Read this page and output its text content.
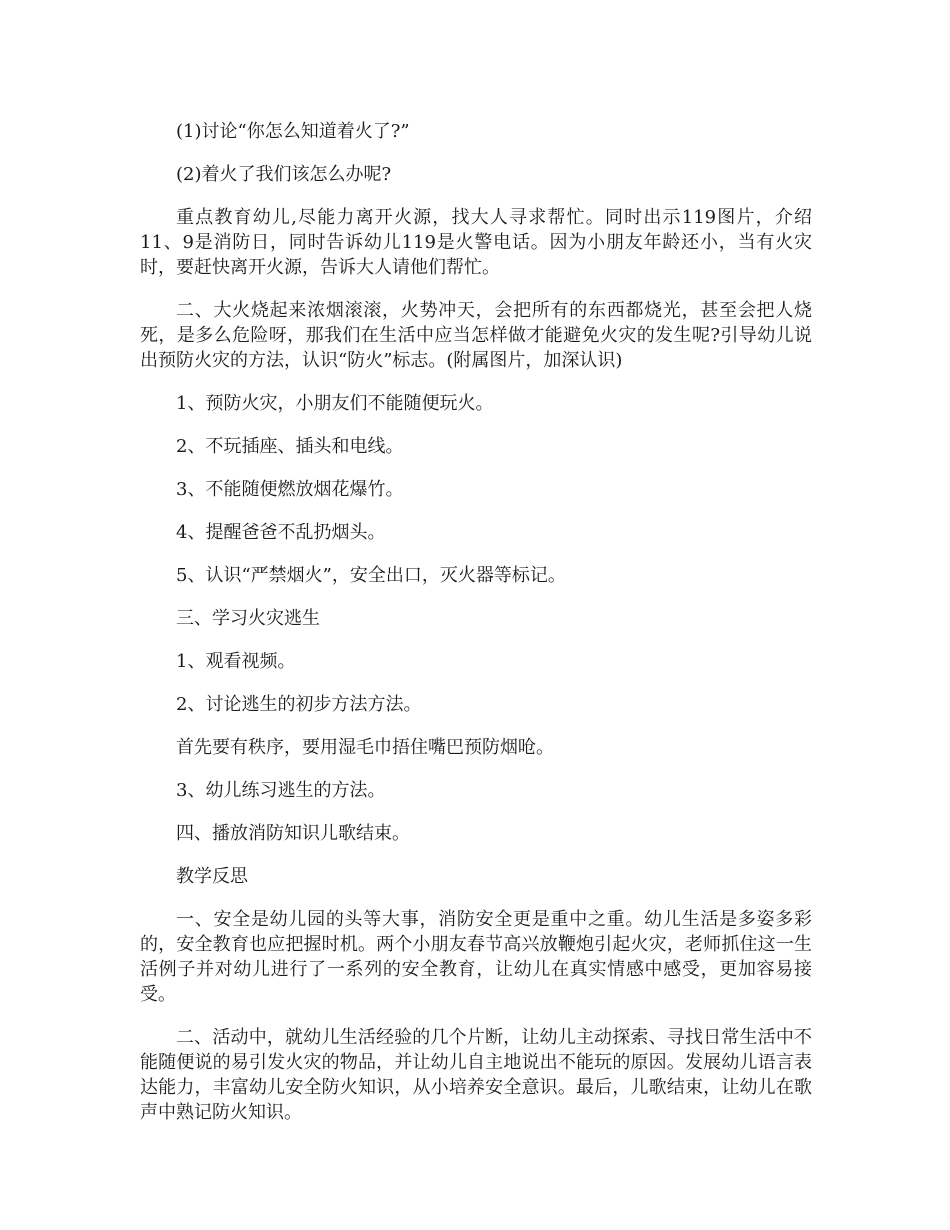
(1)讨论“你怎么知道着火了?”

(2)着火了我们该怎么办呢?

重点教育幼儿,尽能力离开火源，找大人寻求帮忙。同时出示119图片，介绍11、9是消防日，同时告诉幼儿119是火警电话。因为小朋友年龄还小，当有火灾时，要赶快离开火源，告诉大人请他们帮忙。

二、大火烧起来浓烟滚滚，火势冲天，会把所有的东西都烧光，甚至会把人烧死，是多么危险呀，那我们在生活中应当怎样做才能避免火灾的发生呢?引导幼儿说出预防火灾的方法，认识“防火”标志。(附属图片，加深认识)

1、预防火灾，小朋友们不能随便玩火。

2、不玩插座、插头和电线。

3、不能随便燃放烟花爆竹。

4、提醒爸爸不乱扔烟头。

5、认识“严禁烟火”，安全出口，灭火器等标记。

三、学习火灾逃生

1、观看视频。

2、讨论逃生的初步方法方法。

首先要有秩序，要用湿毛巾捂住嘴巴预防烟呛。

3、幼儿练习逃生的方法。

四、播放消防知识儿歌结束。

教学反思

一、安全是幼儿园的头等大事，消防安全更是重中之重。幼儿生活是多姿多彩的，安全教育也应把握时机。两个小朋友春节高兴放鞭炮引起火灾，老师抓住这一生活例子并对幼儿进行了一系列的安全教育，让幼儿在真实情感中感受，更加容易接受。

二、活动中，就幼儿生活经验的几个片断，让幼儿主动探索、寻找日常生活中不能随便说的易引发火灾的物品，并让幼儿自主地说出不能玩的原因。发展幼儿语言表达能力，丰富幼儿安全防火知识，从小培养安全意识。最后，儿歌结束，让幼儿在歌声中熟记防火知识。
